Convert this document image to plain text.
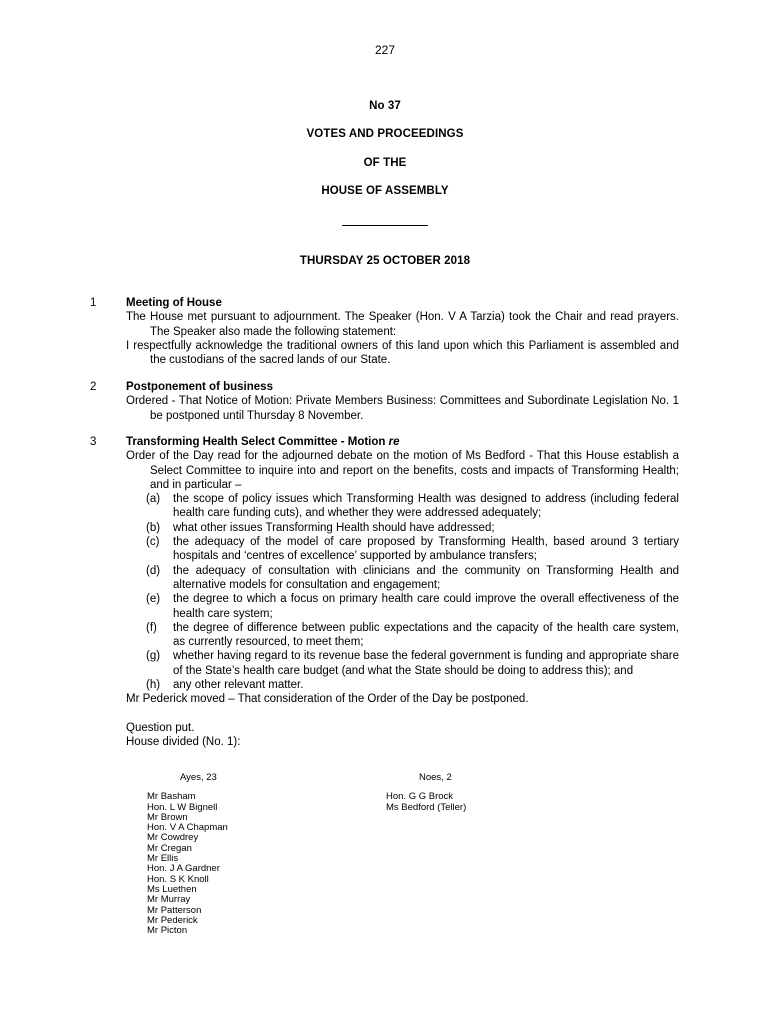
227
No 37
VOTES AND PROCEEDINGS
OF THE
HOUSE OF ASSEMBLY
THURSDAY 25 OCTOBER 2018
1	Meeting of House

The House met pursuant to adjournment. The Speaker (Hon. V A Tarzia) took the Chair and read prayers. The Speaker also made the following statement:

I respectfully acknowledge the traditional owners of this land upon which this Parliament is assembled and the custodians of the sacred lands of our State.

2	Postponement of business

Ordered - That Notice of Motion: Private Members Business: Committees and Subordinate Legislation No. 1 be postponed until Thursday 8 November.

3	Transforming Health Select Committee - Motion re

Order of the Day read for the adjourned debate on the motion of Ms Bedford - That this House establish a Select Committee to inquire into and report on the benefits, costs and impacts of Transforming Health; and in particular –

(a) the scope of policy issues which Transforming Health was designed to address (including federal health care funding cuts), and whether they were addressed adequately;

(b) what other issues Transforming Health should have addressed;

(c) the adequacy of the model of care proposed by Transforming Health, based around 3 tertiary hospitals and ‘centres of excellence’ supported by ambulance transfers;

(d) the adequacy of consultation with clinicians and the community on Transforming Health and alternative models for consultation and engagement;

(e) the degree to which a focus on primary health care could improve the overall effectiveness of the health care system;

(f) the degree of difference between public expectations and the capacity of the health care system, as currently resourced, to meet them;

(g) whether having regard to its revenue base the federal government is funding and appropriate share of the State’s health care budget (and what the State should be doing to address this); and

(h) any other relevant matter.

Mr Pederick moved – That consideration of the Order of the Day be postponed.

Question put.

House divided (No. 1):

Ayes, 23
Mr Basham
Hon. L W Bignell
Mr Brown
Hon. V A Chapman
Mr Cowdrey
Mr Cregan
Mr Ellis
Hon. J A Gardner
Hon. S K Knoll
Ms Luethen
Mr Murray
Mr Patterson
Mr Pederick
Mr Picton
Noes, 2
Hon. G G Brock
Ms Bedford (Teller)
